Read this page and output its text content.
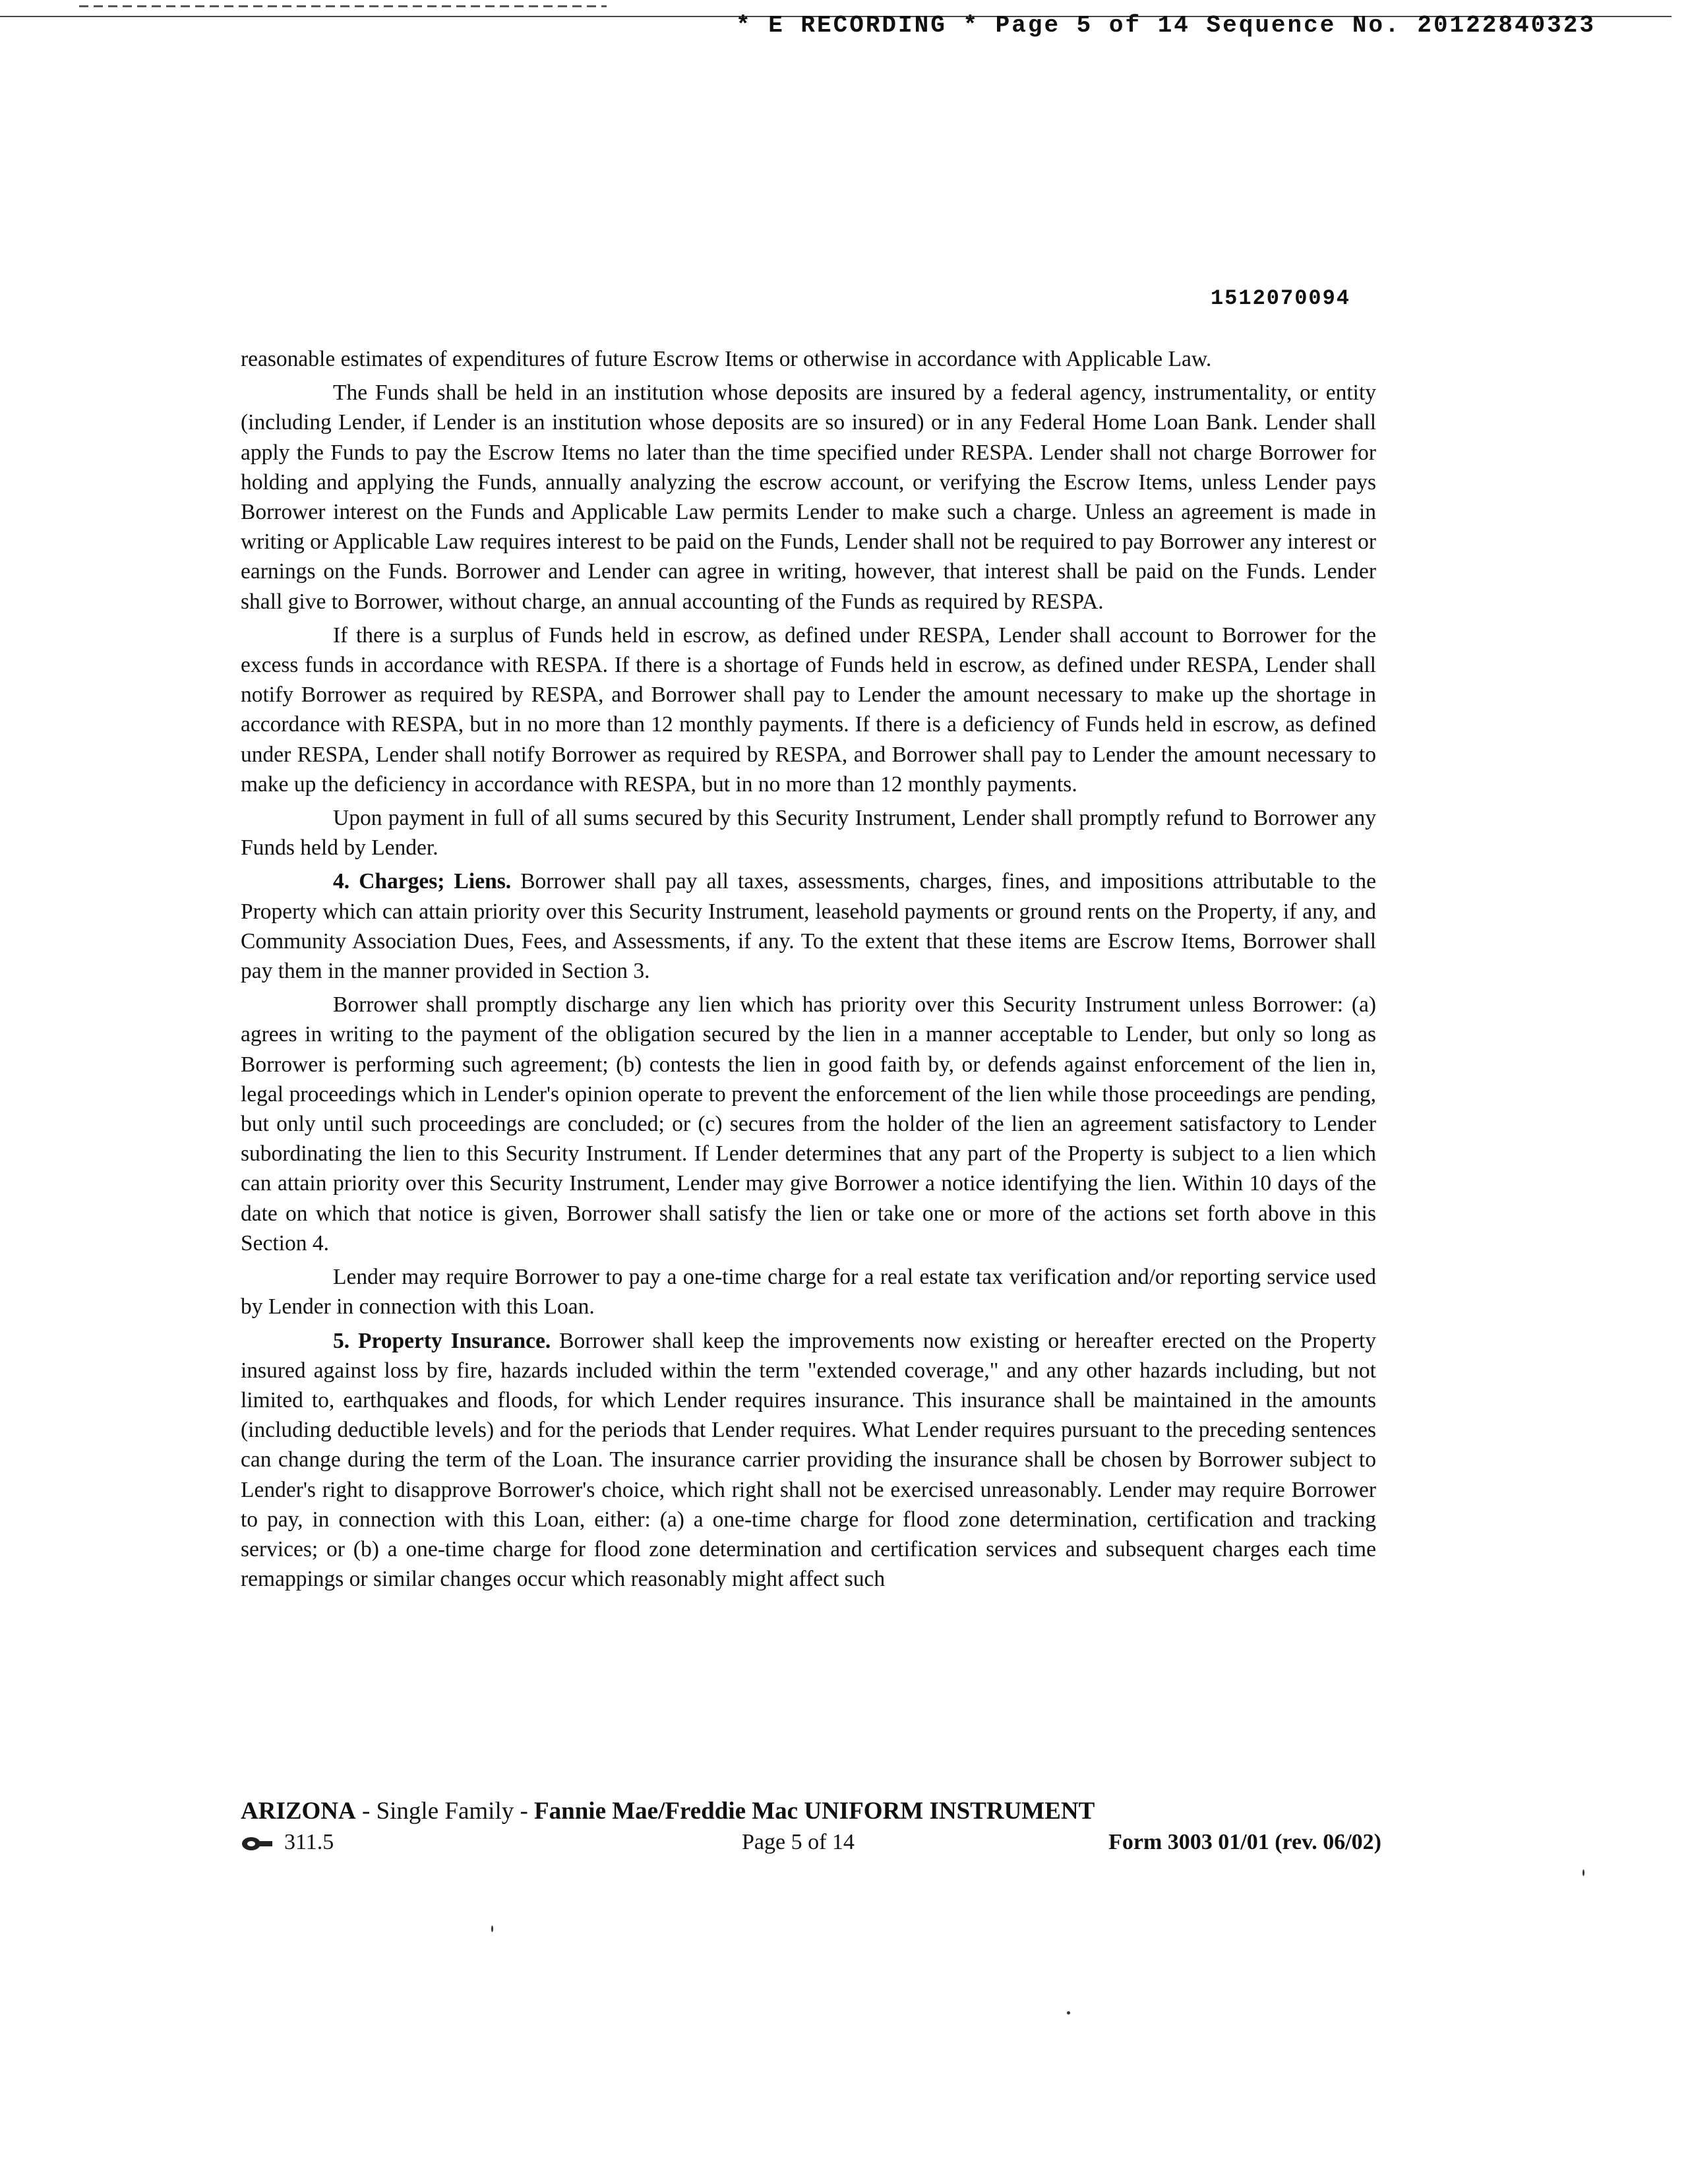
* E RECORDING * Page 5 of 14 Sequence No. 20122840323
1512070094

reasonable estimates of expenditures of future Escrow Items or otherwise in accordance with Applicable Law.

The Funds shall be held in an institution whose deposits are insured by a federal agency, instrumentality, or entity (including Lender, if Lender is an institution whose deposits are so insured) or in any Federal Home Loan Bank. Lender shall apply the Funds to pay the Escrow Items no later than the time specified under RESPA. Lender shall not charge Borrower for holding and applying the Funds, annually analyzing the escrow account, or verifying the Escrow Items, unless Lender pays Borrower interest on the Funds and Applicable Law permits Lender to make such a charge. Unless an agreement is made in writing or Applicable Law requires interest to be paid on the Funds, Lender shall not be required to pay Borrower any interest or earnings on the Funds. Borrower and Lender can agree in writing, however, that interest shall be paid on the Funds. Lender shall give to Borrower, without charge, an annual accounting of the Funds as required by RESPA.

If there is a surplus of Funds held in escrow, as defined under RESPA, Lender shall account to Borrower for the excess funds in accordance with RESPA. If there is a shortage of Funds held in escrow, as defined under RESPA, Lender shall notify Borrower as required by RESPA, and Borrower shall pay to Lender the amount necessary to make up the shortage in accordance with RESPA, but in no more than 12 monthly payments. If there is a deficiency of Funds held in escrow, as defined under RESPA, Lender shall notify Borrower as required by RESPA, and Borrower shall pay to Lender the amount necessary to make up the deficiency in accordance with RESPA, but in no more than 12 monthly payments.

Upon payment in full of all sums secured by this Security Instrument, Lender shall promptly refund to Borrower any Funds held by Lender.

4. Charges; Liens. Borrower shall pay all taxes, assessments, charges, fines, and impositions attributable to the Property which can attain priority over this Security Instrument, leasehold payments or ground rents on the Property, if any, and Community Association Dues, Fees, and Assessments, if any. To the extent that these items are Escrow Items, Borrower shall pay them in the manner provided in Section 3.

Borrower shall promptly discharge any lien which has priority over this Security Instrument unless Borrower: (a) agrees in writing to the payment of the obligation secured by the lien in a manner acceptable to Lender, but only so long as Borrower is performing such agreement; (b) contests the lien in good faith by, or defends against enforcement of the lien in, legal proceedings which in Lender's opinion operate to prevent the enforcement of the lien while those proceedings are pending, but only until such proceedings are concluded; or (c) secures from the holder of the lien an agreement satisfactory to Lender subordinating the lien to this Security Instrument. If Lender determines that any part of the Property is subject to a lien which can attain priority over this Security Instrument, Lender may give Borrower a notice identifying the lien. Within 10 days of the date on which that notice is given, Borrower shall satisfy the lien or take one or more of the actions set forth above in this Section 4.

Lender may require Borrower to pay a one-time charge for a real estate tax verification and/or reporting service used by Lender in connection with this Loan.

5. Property Insurance. Borrower shall keep the improvements now existing or hereafter erected on the Property insured against loss by fire, hazards included within the term "extended coverage," and any other hazards including, but not limited to, earthquakes and floods, for which Lender requires insurance. This insurance shall be maintained in the amounts (including deductible levels) and for the periods that Lender requires. What Lender requires pursuant to the preceding sentences can change during the term of the Loan. The insurance carrier providing the insurance shall be chosen by Borrower subject to Lender's right to disapprove Borrower's choice, which right shall not be exercised unreasonably. Lender may require Borrower to pay, in connection with this Loan, either: (a) a one-time charge for flood zone determination, certification and tracking services; or (b) a one-time charge for flood zone determination and certification services and subsequent charges each time remappings or similar changes occur which reasonably might affect such

ARIZONA - Single Family - Fannie Mae/Freddie Mac UNIFORM INSTRUMENT
311.5	Page 5 of 14	Form 3003 01/01 (rev. 06/02)
